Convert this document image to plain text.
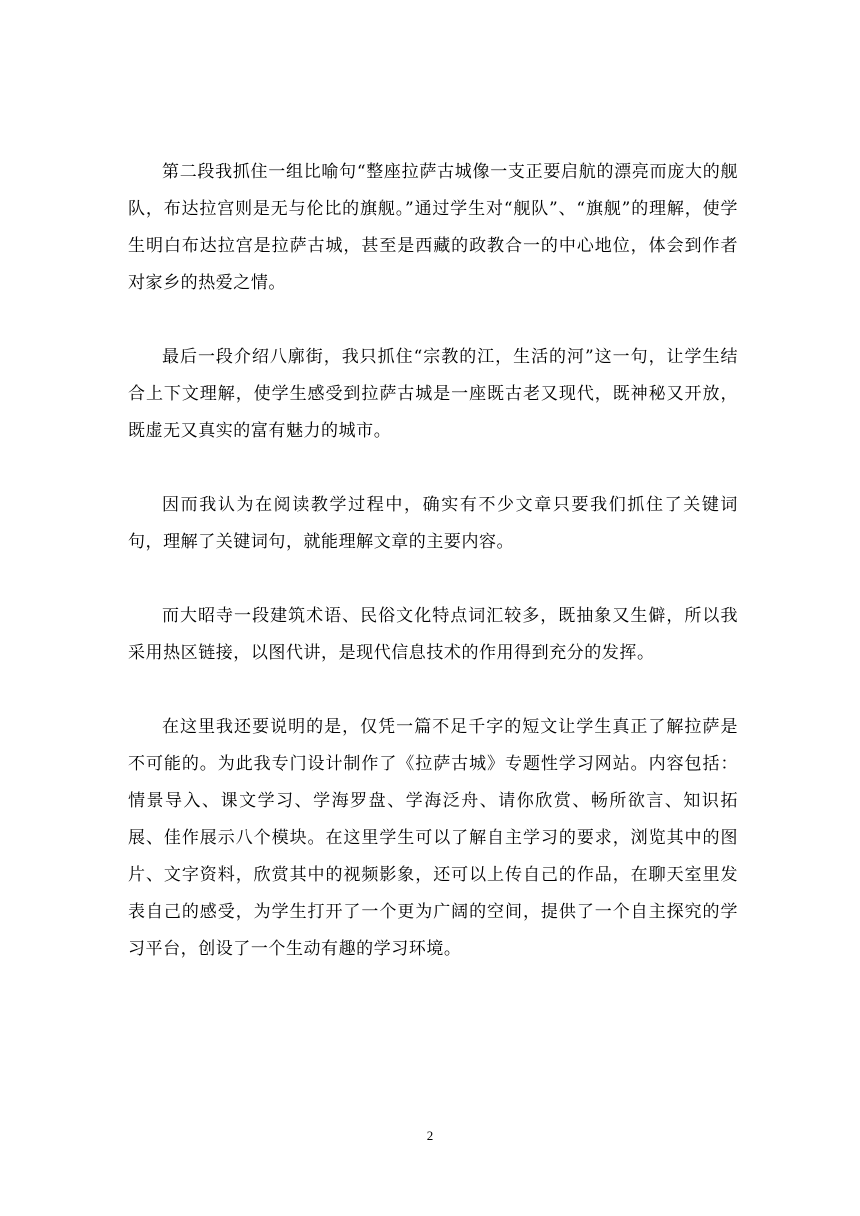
第二段我抓住一组比喻句“整座拉萨古城像一支正要启航的漂亮而庞大的舰队，布达拉宫则是无与伦比的旗舰。”通过学生对“舰队”、“旗舰”的理解，使学生明白布达拉宫是拉萨古城，甚至是西藏的政教合一的中心地位，体会到作者对家乡的热爱之情。

最后一段介绍八廓街，我只抓住“宗教的江，生活的河”这一句，让学生结合上下文理解，使学生感受到拉萨古城是一座既古老又现代，既神秘又开放，既虚无又真实的富有魅力的城市。

因而我认为在阅读教学过程中，确实有不少文章只要我们抓住了关键词句，理解了关键词句，就能理解文章的主要内容。

而大昭寺一段建筑术语、民俗文化特点词汇较多，既抽象又生僻，所以我采用热区链接，以图代讲，是现代信息技术的作用得到充分的发挥。

在这里我还要说明的是，仅凭一篇不足千字的短文让学生真正了解拉萨是不可能的。为此我专门设计制作了《拉萨古城》专题性学习网站。内容包括：情景导入、课文学习、学海罗盘、学海泛舟、请你欣赏、畅所欲言、知识拓展、佳作展示八个模块。在这里学生可以了解自主学习的要求，浏览其中的图片、文字资料，欣赏其中的视频影象，还可以上传自己的作品，在聊天室里发表自己的感受，为学生打开了一个更为广阔的空间，提供了一个自主探究的学习平台，创设了一个生动有趣的学习环境。

2
